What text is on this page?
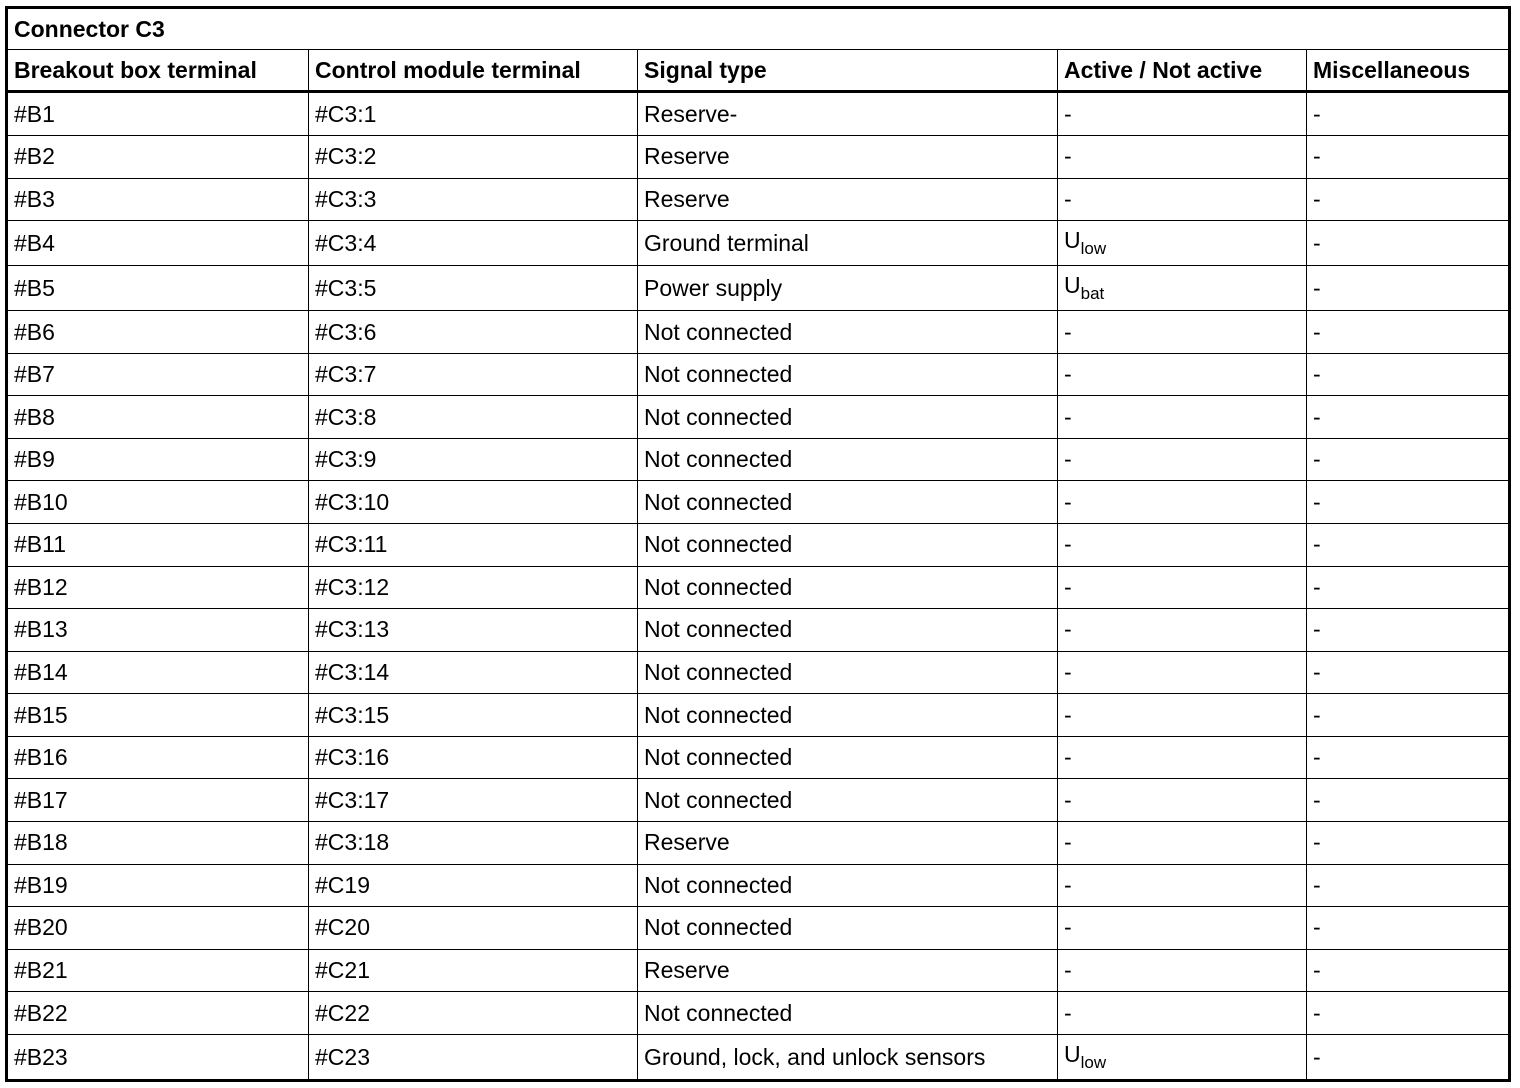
Connector C3				
Breakout box terminal	Control module terminal	Signal type	Active / Not active	Miscellaneous
#B1	#C3:1	Reserve-	-	-
#B2	#C3:2	Reserve	-	-
#B3	#C3:3	Reserve	-	-
#B4	#C3:4	Ground terminal	$U_{low}$	-
#B5	#C3:5	Power supply	$U_{bat}$	-
#B6	#C3:6	Not connected	-	-
#B7	#C3:7	Not connected	-	-
#B8	#C3:8	Not connected	-	-
#B9	#C3:9	Not connected	-	-
#B10	#C3:10	Not connected	-	-
#B11	#C3:11	Not connected	-	-
#B12	#C3:12	Not connected	-	-
#B13	#C3:13	Not connected	-	-
#B14	#C3:14	Not connected	-	-
#B15	#C3:15	Not connected	-	-
#B16	#C3:16	Not connected	-	-
#B17	#C3:17	Not connected	-	-
#B18	#C3:18	Reserve	-	-
#B19	#C19	Not connected	-	-
#B20	#C20	Not connected	-	-
#B21	#C21	Reserve	-	-
#B22	#C22	Not connected	-	-
#B23	#C23	Ground, lock, and unlock sensors	$U_{low}$	-
